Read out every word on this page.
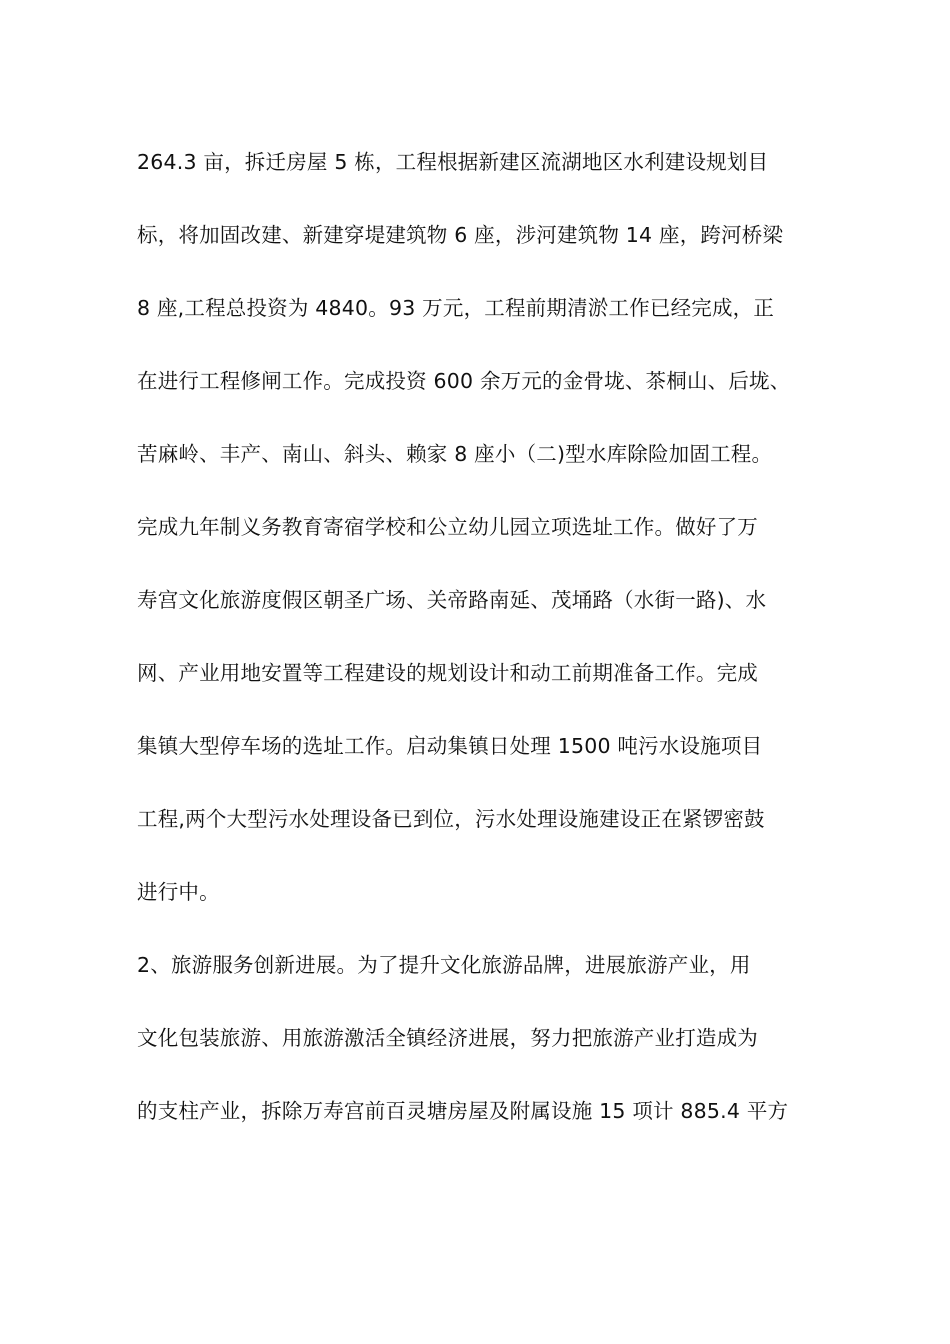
264.3 亩，拆迁房屋 5 栋，工程根据新建区流湖地区水利建设规划目
标，将加固改建、新建穿堤建筑物 6 座，涉河建筑物 14 座，跨河桥梁
8 座,工程总投资为 4840。93 万元，工程前期清淤工作已经完成，正
在进行工程修闸工作。完成投资 600 余万元的金骨垅、茶桐山、后垅、
苦麻岭、丰产、南山、斜头、赖家 8 座小（二)型水库除险加固工程。
完成九年制义务教育寄宿学校和公立幼儿园立项选址工作。做好了万
寿宫文化旅游度假区朝圣广场、关帝路南延、茂埇路（水街一路)、水
网、产业用地安置等工程建设的规划设计和动工前期准备工作。完成
集镇大型停车场的选址工作。启动集镇日处理 1500 吨污水设施项目
工程,两个大型污水处理设备已到位，污水处理设施建设正在紧锣密鼓
进行中。
2、旅游服务创新进展。为了提升文化旅游品牌，进展旅游产业，用
文化包装旅游、用旅游激活全镇经济进展，努力把旅游产业打造成为
的支柱产业，拆除万寿宫前百灵塘房屋及附属设施 15 项计 885.4 平方
